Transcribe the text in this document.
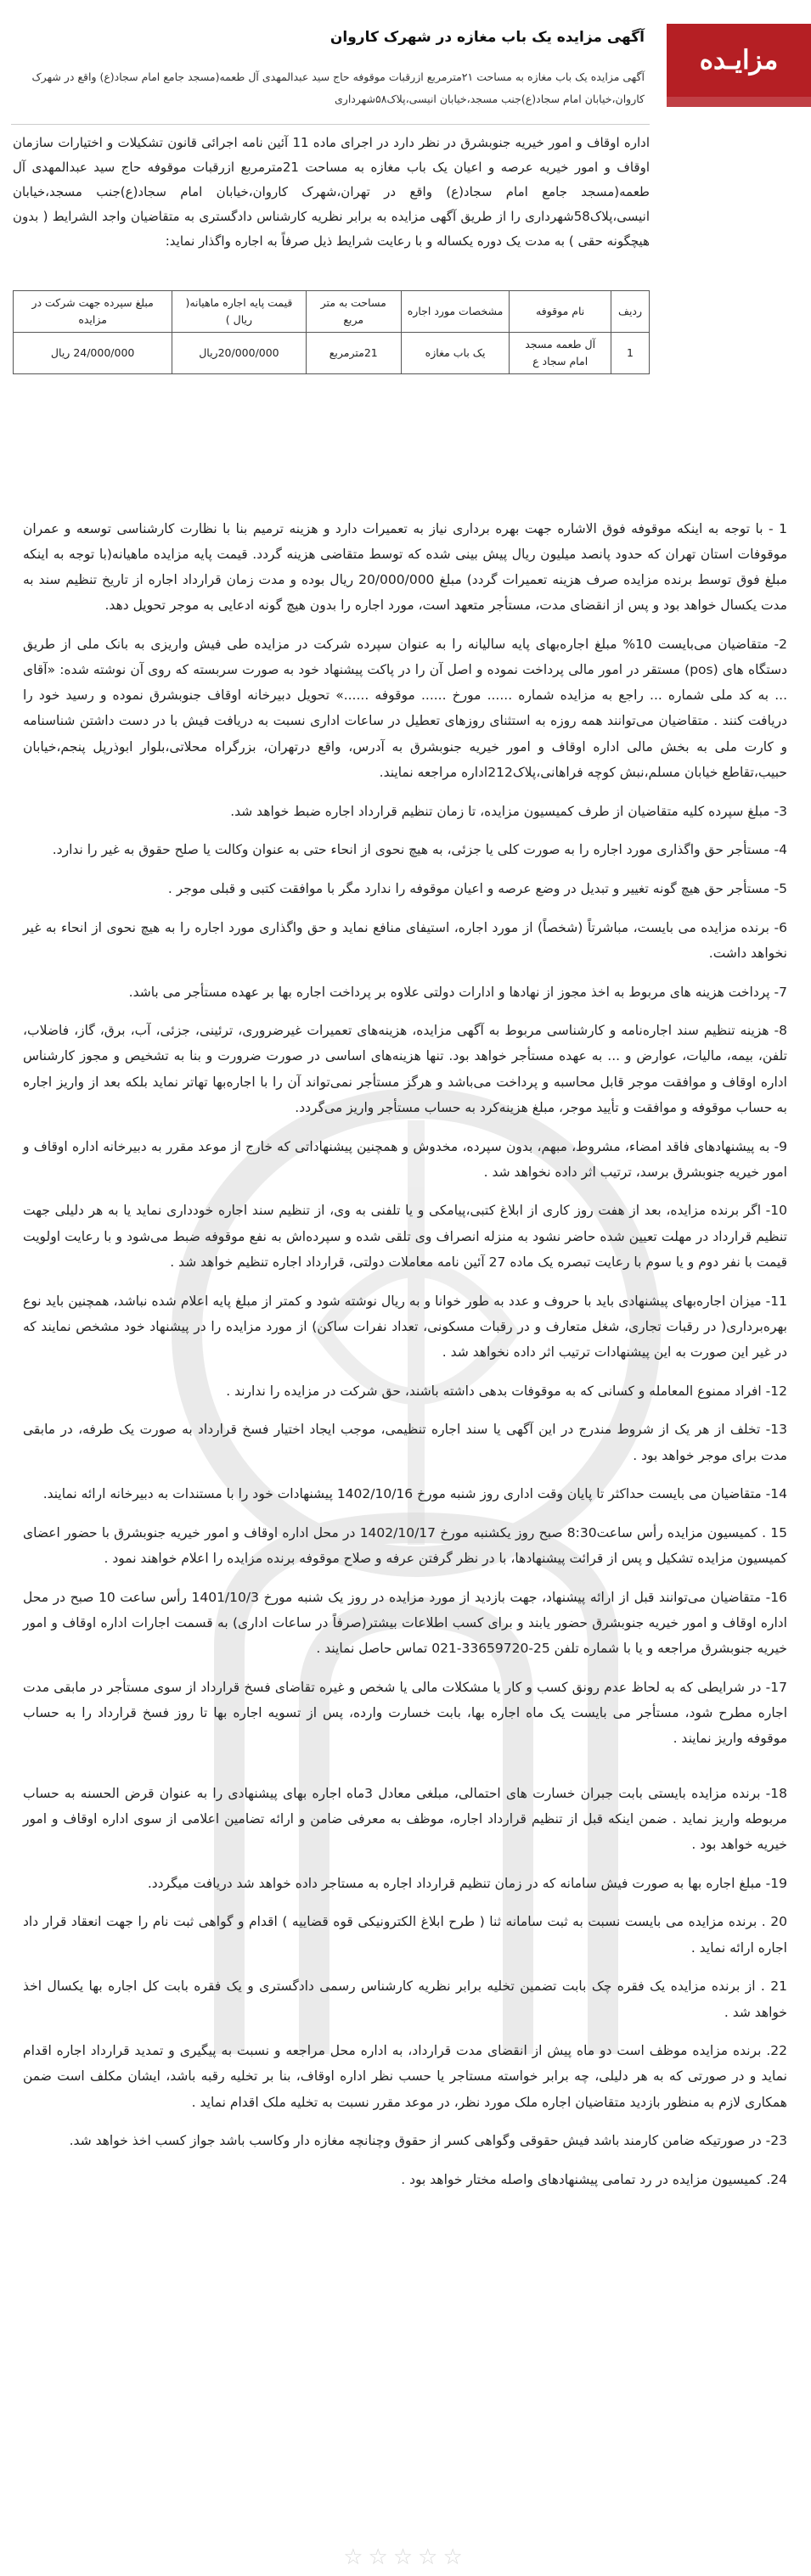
مزایـده
آگهی مزایده یک باب مغازه در شهرک کاروان
آگهی مزایده یک باب مغازه به مساحت ۲۱مترمربع ازرقبات موقوفه حاج سید عبدالمهدی آل طعمه(مسجد جامع امام سجاد(ع) واقع در شهرک کاروان،خیابان امام سجاد(ع)جنب مسجد،خیابان انیسی،پلاک۵۸شهرداری
اداره اوقاف و امور خیریه جنوبشرق در نظر دارد در اجرای ماده 11 آئین نامه اجرائی قانون تشکیلات و اختیارات سازمان اوقاف و امور خیریه عرصه و اعیان یک باب مغازه به مساحت 21مترمربع ازرقبات موقوفه حاج سید عبدالمهدی آل طعمه(مسجد جامع امام سجاد(ع) واقع در تهران،شهرک کاروان،خیابان امام سجاد(ع)جنب مسجد،خیابان انیسی،پلاک58شهرداری را از طریق آگهی مزایده به برابر نظریه کارشناس دادگستری به متقاضیان واجد الشرایط ( بدون هیچگونه حقی ) به مدت یک دوره یکساله و با رعایت شرایط ذیل صرفاً به اجاره واگذار نماید:
ردیف	نام موقوفه	مشخصات مورد اجاره	مساحت به متر مربع	قیمت پایه اجاره ماهیانه( ریال )	مبلغ سپرده جهت شرکت در مزایده
1	آل طعمه مسجد امام سجاد ع	یک باب مغازه	21مترمربع	20/000/000ریال	24/000/000 ریال

1 - با توجه به اینکه موقوفه فوق الاشاره جهت بهره برداری نیاز به تعمیرات دارد و هزینه ترمیم بنا با نظارت کارشناسی توسعه و عمران موقوفات استان تهران که حدود پانصد میلیون ریال پیش بینی شده که توسط متقاضی هزینه گردد. قیمت پایه مزایده ماهیانه(با توجه به اینکه مبلغ فوق توسط برنده مزایده صرف هزینه تعمیرات گردد) مبلغ 20/000/000 ریال بوده و مدت زمان قرارداد اجاره از تاریخ تنظیم سند به مدت یکسال خواهد بود و پس از انقضای مدت، مستأجر متعهد است، مورد اجاره را بدون هیچ گونه ادعایی به موجر تحویل دهد.

2- متقاضیان می‌بایست 10% مبلغ اجاره‌بهای پایه سالیانه را به عنوان سپرده شرکت در مزایده طی فیش واریزی به بانک ملی از طریق دستگاه های (pos) مستقر در امور مالی پرداخت نموده و اصل آن را در پاکت پیشنهاد خود به صورت سربسته که روی آن نوشته شده: «آقای ... به کد ملی شماره ... راجع به مزایده شماره ...... مورخ ...... موقوفه ......» تحویل دبیرخانه اوقاف جنوبشرق نموده و رسید خود را دریافت کنند . متقاضیان می‌توانند همه روزه به استثنای روزهای تعطیل در ساعات اداری نسبت به دریافت فیش با در دست داشتن شناسنامه و کارت ملی به بخش مالی اداره اوقاف و امور خیریه جنوبشرق به آدرس، واقع درتهران، بزرگراه محلاتی،بلوار ابوذرپل پنجم،خیابان حبیب،تقاطع خیابان مسلم،نبش کوچه فراهانی،پلاک212اداره مراجعه نمایند.

3- مبلغ سپرده کلیه متقاضیان از طرف کمیسیون مزایده، تا زمان تنظیم قرارداد اجاره ضبط خواهد شد.

4- مستأجر حق واگذاری مورد اجاره را به صورت کلی یا جزئی، به هیچ نحوی از انحاء حتی به عنوان وکالت یا صلح حقوق به غیر را ندارد.

5- مستأجر حق هیچ گونه تغییر و تبدیل در وضع عرصه و اعیان موقوفه را ندارد مگر با موافقت کتبی و قبلی موجر .

6- برنده مزایده می بایست، مباشرتاً (شخصاً) از مورد اجاره، استیفای منافع نماید و حق واگذاری مورد اجاره را به هیچ نحوی از انحاء به غیر نخواهد داشت.

7- پرداخت هزینه های مربوط به اخذ مجوز از نهادها و ادارات دولتی علاوه بر پرداخت اجاره بها بر عهده مستأجر می باشد.

8- هزینه تنظیم سند اجاره‌نامه و کارشناسی مربوط به آگهی مزایده، هزینه‌های تعمیرات غیرضروری، ترئینی، جزئی، آب، برق، گاز، فاضلاب، تلفن، بیمه، مالیات، عوارض و ... به عهده مستأجر خواهد بود. تنها هزینه‌های اساسی در صورت ضرورت و بنا به تشخیص و مجوز کارشناس اداره اوقاف و موافقت موجر قابل محاسبه و پرداخت می‌باشد و هرگز مستأجر نمی‌تواند آن را با اجاره‌بها تهاتر نماید بلکه بعد از واریز اجاره به حساب موقوفه و موافقت و تأیید موجر، مبلغ هزینه‌کرد به حساب مستأجر واریز می‌گردد.

9- به پیشنهادهای فاقد امضاء، مشروط، مبهم، بدون سپرده، مخدوش و همچنین پیشنهاداتی که خارج از موعد مقرر به دبیرخانه اداره اوقاف و امور خیریه جنوبشرق برسد، ترتیب اثر داده نخواهد شد .

10- اگر برنده مزایده، بعد از هفت روز کاری از ابلاغ کتبی،پیامکی و یا تلفنی به وی، از تنظیم سند اجاره خودداری نماید یا به هر دلیلی جهت تنظیم قرارداد در مهلت تعیین شده حاضر نشود به منزله انصراف وی تلقی شده و سپرده‌اش به نفع موقوفه ضبط می‌شود و با رعایت اولویت قیمت با نفر دوم و یا سوم با رعایت تبصره یک ماده 27 آئین نامه معاملات دولتی، قرارداد اجاره تنظیم خواهد شد .

11- میزان اجاره‌بهای پیشنهادی باید با حروف و عدد به طور خوانا و به ریال نوشته شود و کمتر از مبلغ پایه اعلام شده نباشد، همچنین باید نوع بهره‌برداری( در رقبات تجاری، شغل متعارف و در رقبات مسکونی، تعداد نفرات ساکن) از مورد مزایده را در پیشنهاد خود مشخص نمایند که در غیر این صورت به این پیشنهادات ترتیب اثر داده نخواهد شد .

12- افراد ممنوع المعامله و کسانی که به موقوفات بدهی داشته باشند، حق شرکت در مزایده را ندارند .

13- تخلف از هر یک از شروط مندرج در این آگهی یا سند اجاره تنظیمی، موجب ایجاد اختیار فسخ قرارداد به صورت یک طرفه، در مابقی مدت برای موجر خواهد بود .

14- متقاضیان می بایست حداکثر تا پایان وقت اداری روز شنبه مورخ 1402/10/16 پیشنهادات خود را با مستندات به دبیرخانه ارائه نمایند.

15 . کمیسیون مزایده رأس ساعت8:30 صبح روز یکشنبه مورخ 1402/10/17 در محل اداره اوقاف و امور خیریه جنوبشرق با حضور اعضای کمیسیون مزایده تشکیل و پس از قرائت پیشنهادها، با در نظر گرفتن عرفه و صلاح موقوفه برنده مزایده را اعلام خواهند نمود .

16- متقاضیان می‌توانند قبل از ارائه پیشنهاد، جهت بازدید از مورد مزایده در روز یک شنبه مورخ 1401/10/3 رأس ساعت 10 صبح در محل اداره اوقاف و امور خیریه جنوبشرق حضور یابند و برای کسب اطلاعات بیشتر(صرفاً در ساعات اداری) به قسمت اجارات اداره اوقاف و امور خیریه جنوبشرق مراجعه و یا با شماره تلفن 25-33659720-021 تماس حاصل نمایند .

17- در شرایطی که به لحاظ عدم رونق کسب و کار یا مشکلات مالی یا شخص و غیره تقاضای فسخ قرارداد از سوی مستأجر در مابقی مدت اجاره مطرح شود، مستأجر می بایست یک ماه اجاره بها، بابت خسارت وارده، پس از تسویه اجاره بها تا روز فسخ قرارداد را به حساب موقوفه واریز نمایند .

18- برنده مزایده بایستی بابت جبران خسارت های احتمالی، مبلغی معادل 3ماه اجاره بهای پیشنهادی را به عنوان قرض الحسنه به حساب مربوطه واریز نماید . ضمن اینکه قبل از تنظیم قرارداد اجاره، موظف به معرفی ضامن و ارائه تضامین اعلامی از سوی اداره اوقاف و امور خیریه خواهد بود .

19- مبلغ اجاره بها به صورت فیش سامانه که در زمان تنظیم قرارداد اجاره به مستاجر داده خواهد شد دریافت میگردد.

20 . برنده مزایده می بایست نسبت به ثبت سامانه ثنا ( طرح ابلاغ الکترونیکی قوه قضاییه ) اقدام و گواهی ثبت نام را جهت انعقاد قرار داد اجاره ارائه نماید .

21 . از برنده مزایده یک فقره چک بابت تضمین تخلیه برابر نظریه کارشناس رسمی دادگستری و یک فقره بابت کل اجاره بها یکسال اخذ خواهد شد .

22. برنده مزایده موظف است دو ماه پیش از انقضای مدت قرارداد، به اداره محل مراجعه و نسبت به پیگیری و تمدید قرارداد اجاره اقدام نماید و در صورتی که به هر دلیلی، چه برابر خواسته مستاجر یا حسب نظر اداره اوقاف، بنا بر تخلیه رقبه باشد، ایشان مکلف است ضمن همکاری لازم به منظور بازدید متقاضیان اجاره ملک مورد نظر، در موعد مقرر نسبت به تخلیه ملک اقدام نماید .

23- در صورتیکه ضامن کارمند باشد فیش حقوقی وگواهی کسر از حقوق وچنانچه مغازه دار وکاسب باشد جواز کسب اخذ خواهد شد.

24. کمیسیون مزایده در رد تمامی پیشنهادهای واصله مختار خواهد بود .

☆☆☆☆☆
